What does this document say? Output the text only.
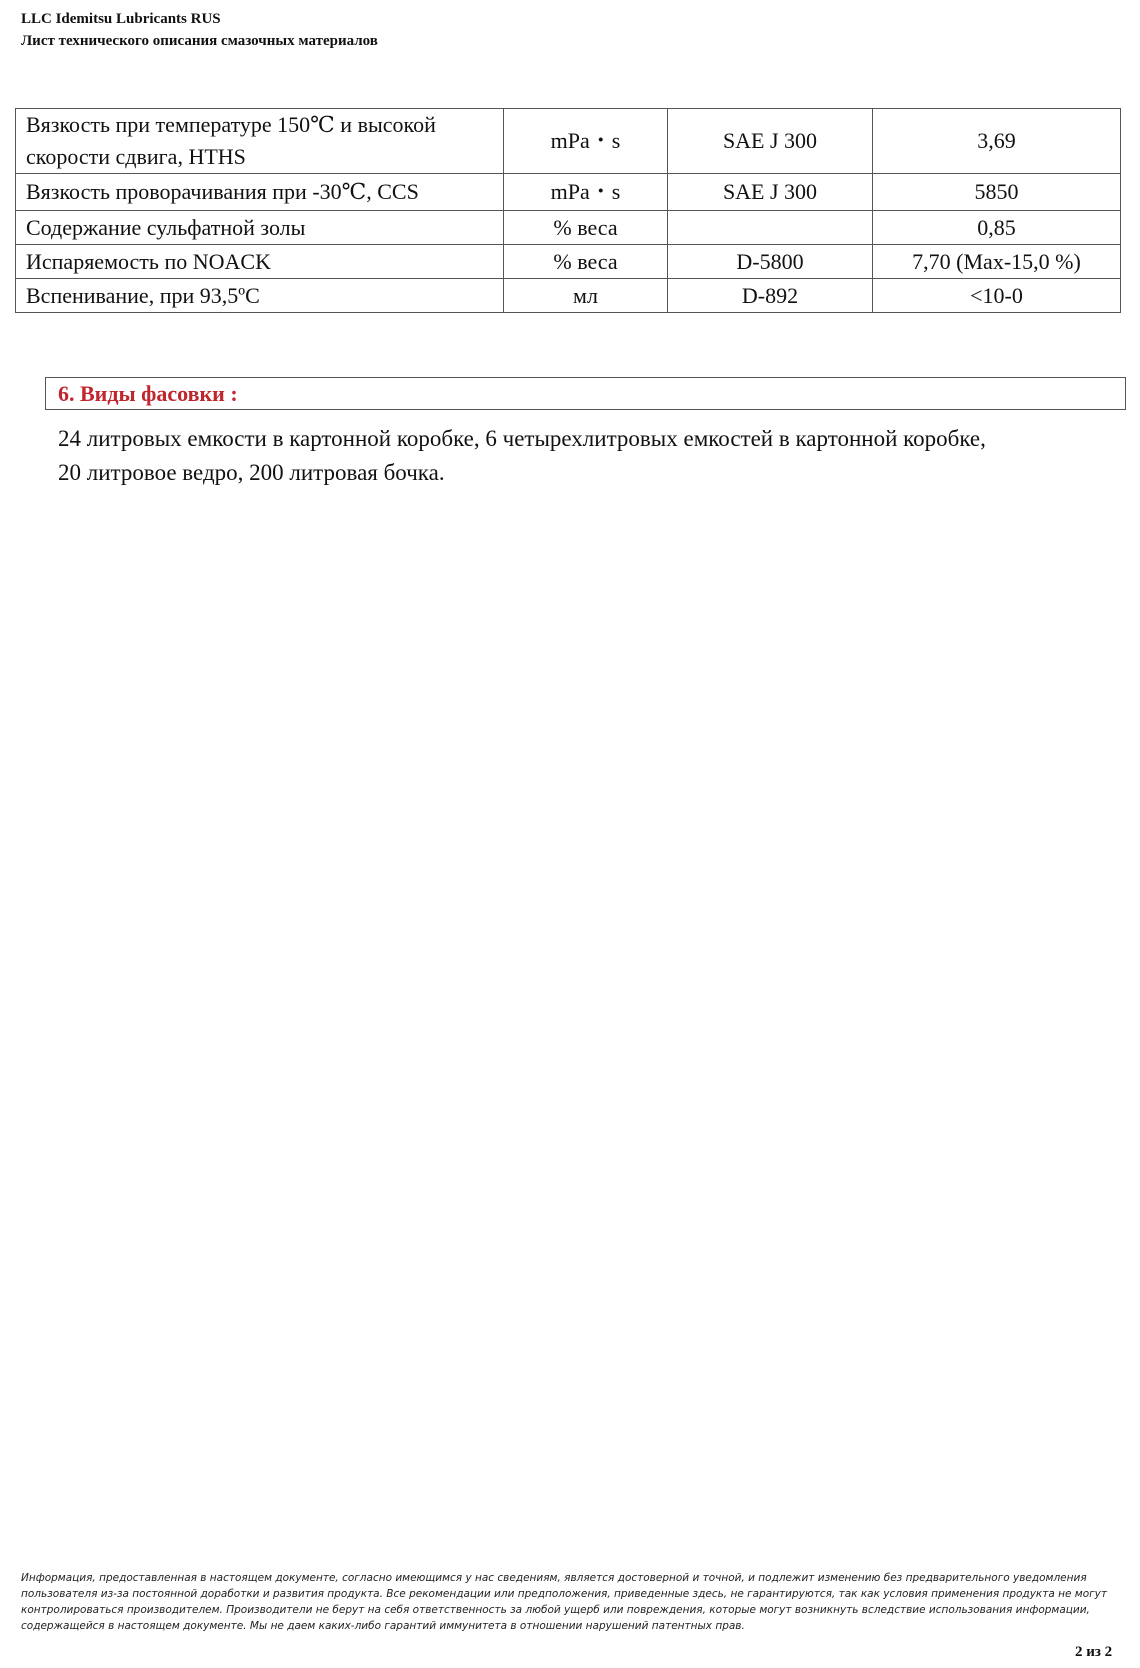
LLC Idemitsu Lubricants RUS
Лист технического описания смазочных материалов
Вязкость при температуре 150℃ и высокой скорости сдвига, HTHS	mPa・s	SAE J 300	3,69
Вязкость проворачивания при -30℃, CCS	mPa・s	SAE J 300	5850
Содержание сульфатной золы	% веса		0,85
Испаряемость по NOACK	% веса	D-5800	7,70 (Max-15,0 %)
Вспенивание, при 93,5ºС	мл	D-892	<10-0
6. Виды фасовки :
24 литровых емкости в картонной коробке, 6 четырехлитровых емкостей в картонной коробке,
20 литровое ведро, 200 литровая бочка.
Информация, предоставленная в настоящем документе, согласно имеющимся у нас сведениям, является достоверной и точной, и подлежит изменению без предварительного уведомления пользователя из-за постоянной доработки и развития продукта. Все рекомендации или предположения, приведенные здесь, не гарантируются, так как условия применения продукта не могут контролироваться производителем. Производители не берут на себя ответственность за любой ущерб или повреждения, которые могут возникнуть вследствие использования информации, содержащейся в настоящем документе. Мы не даем каких-либо гарантий иммунитета в отношении нарушений патентных прав.
2 из 2
